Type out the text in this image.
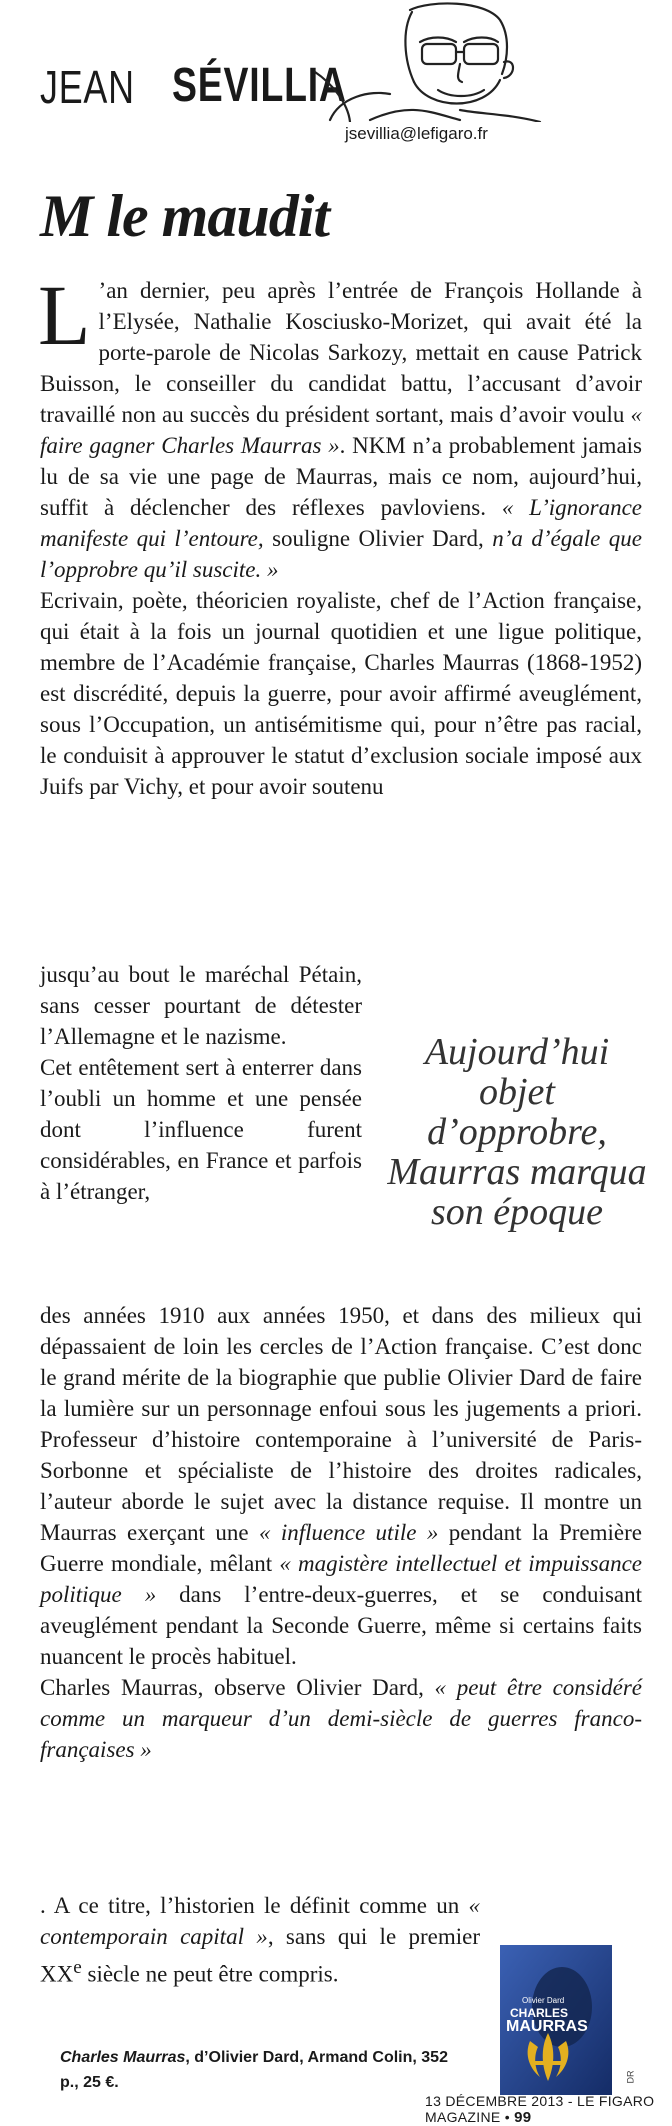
JEAN SÉVILLIA
jsevillia@lefigaro.fr
M le maudit

L ’an dernier, peu après l’entrée de François Hollande à l’Elysée, Nathalie Kosciusko-Morizet, qui avait été la porte-parole de Nicolas Sarkozy, mettait en cause Patrick Buisson, le conseiller du candidat battu, l’accusant d’avoir travaillé non au succès du président sortant, mais d’avoir voulu « faire gagner Charles Maurras ». NKM n’a probablement jamais lu de sa vie une page de Maurras, mais ce nom, aujourd’hui, suffit à déclencher des réflexes pavloviens. « L’ignorance manifeste qui l’entoure, souligne Olivier Dard, n’a d’égale que l’opprobre qu’il suscite. »

Ecrivain, poète, théoricien royaliste, chef de l’Action française, qui était à la fois un journal quotidien et une ligue politique, membre de l’Académie française, Charles Maurras (1868-1952) est discrédité, depuis la guerre, pour avoir affirmé aveuglément, sous l’Occupation, un antisémitisme qui, pour n’être pas racial, le conduisit à approuver le statut d’exclusion sociale imposé aux Juifs par Vichy, et pour avoir soutenu

jusqu’au bout le maréchal Pétain, sans cesser pourtant de détester l’Allemagne et le nazisme.

Cet entêtement sert à enterrer dans l’oubli un homme et une pensée dont l’influence furent considérables, en France et parfois à l’étranger,

Aujourd’hui objet d’opprobre, Maurras marqua son époque

des années 1910 aux années 1950, et dans des milieux qui dépassaient de loin les cercles de l’Action française. C’est donc le grand mérite de la biographie que publie Olivier Dard de faire la lumière sur un personnage enfoui sous les jugements a priori. Professeur d’histoire contemporaine à l’université de Paris-Sorbonne et spécialiste de l’histoire des droites radicales, l’auteur aborde le sujet avec la distance requise. Il montre un Maurras exerçant une « influence utile » pendant la Première Guerre mondiale, mêlant « magistère intellectuel et impuissance politique » dans l’entre-deux-guerres, et se conduisant aveuglément pendant la Seconde Guerre, même si certains faits nuancent le procès habituel.

Charles Maurras, observe Olivier Dard, « peut être considéré comme un marqueur d’un demi-siècle de guerres franco-françaises »

. A ce titre, l’historien le définit comme un « contemporain capital », sans qui le premier XXe siècle ne peut être compris.

Olivier Dard
CHARLES
MAURRAS
DR
Charles Maurras, d’Olivier Dard, Armand Colin, 352 p., 25 €.
13 DÉCEMBRE 2013 - LE FIGARO MAGAZINE • 99
